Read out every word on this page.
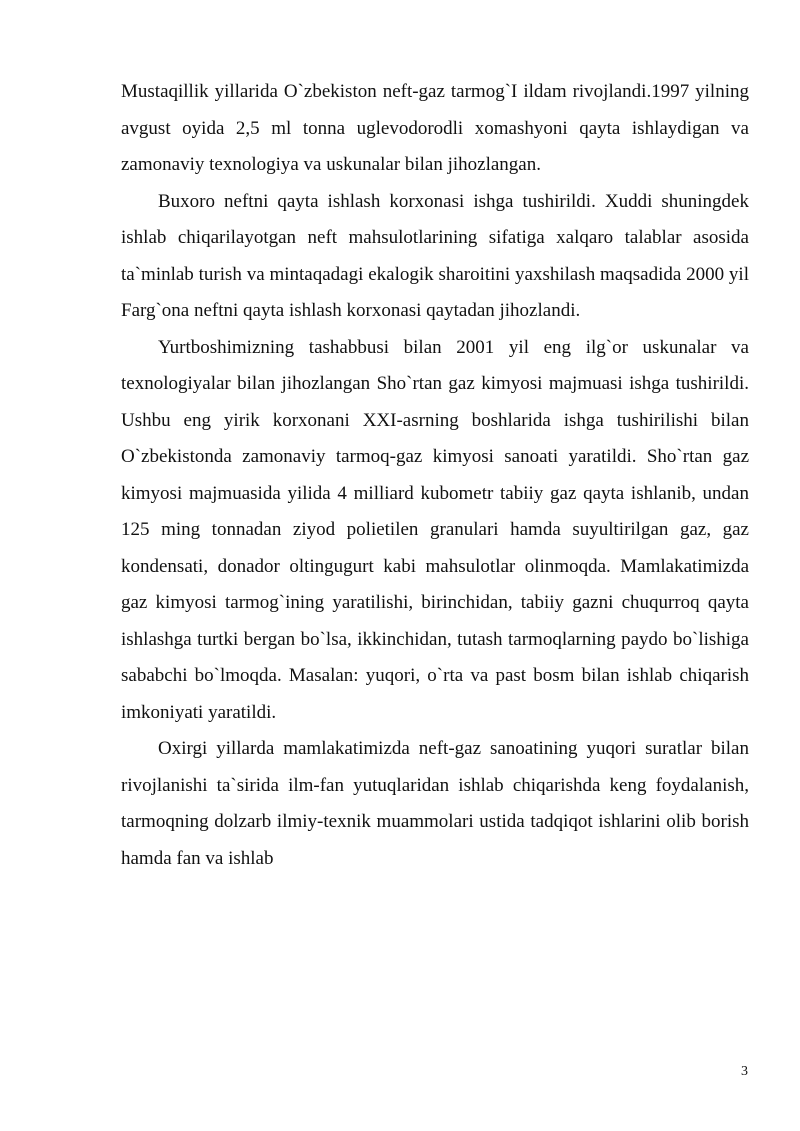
Mustaqillik yillarida O`zbekiston neft-gaz tarmog`I ildam rivojlandi.1997 yilning avgust oyida 2,5 ml tonna uglevodorodli xomashyoni qayta ishlaydigan va zamonaviy texnologiya va uskunalar bilan jihozlangan.

Buxoro neftni qayta ishlash korxonasi ishga tushirildi. Xuddi shuningdek ishlab chiqarilayotgan neft mahsulotlarining sifatiga xalqaro talablar asosida ta`minlab turish va mintaqadagi ekalogik sharoitini yaxshilash maqsadida 2000 yil Farg`ona neftni qayta ishlash korxonasi qaytadan jihozlandi.

Yurtboshimizning tashabbusi bilan 2001 yil eng ilg`or uskunalar va texnologiyalar bilan jihozlangan Sho`rtan gaz kimyosi majmuasi ishga tushirildi. Ushbu eng yirik korxonani XXI-asrning boshlarida ishga tushirilishi bilan O`zbekistonda zamonaviy tarmoq-gaz kimyosi sanoati yaratildi. Sho`rtan gaz kimyosi majmuasida yilida 4 milliard kubometr tabiiy gaz qayta ishlanib, undan 125 ming tonnadan ziyod polietilen granulari hamda suyultirilgan gaz, gaz kondensati, donador oltingugurt kabi mahsulotlar olinmoqda. Mamlakatimizda gaz kimyosi tarmog`ining yaratilishi, birinchidan, tabiiy gazni chuqurroq qayta ishlashga turtki bergan bo`lsa, ikkinchidan, tutash tarmoqlarning paydo bo`lishiga sababchi bo`lmoqda. Masalan: yuqori, o`rta va past bosm bilan ishlab chiqarish imkoniyati yaratildi.

Oxirgi yillarda mamlakatimizda neft-gaz sanoatining yuqori suratlar bilan rivojlanishi ta`sirida ilm-fan yutuqlaridan ishlab chiqarishda keng foydalanish, tarmoqning dolzarb ilmiy-texnik muammolari ustida tadqiqot ishlarini olib borish hamda fan va ishlab

3
